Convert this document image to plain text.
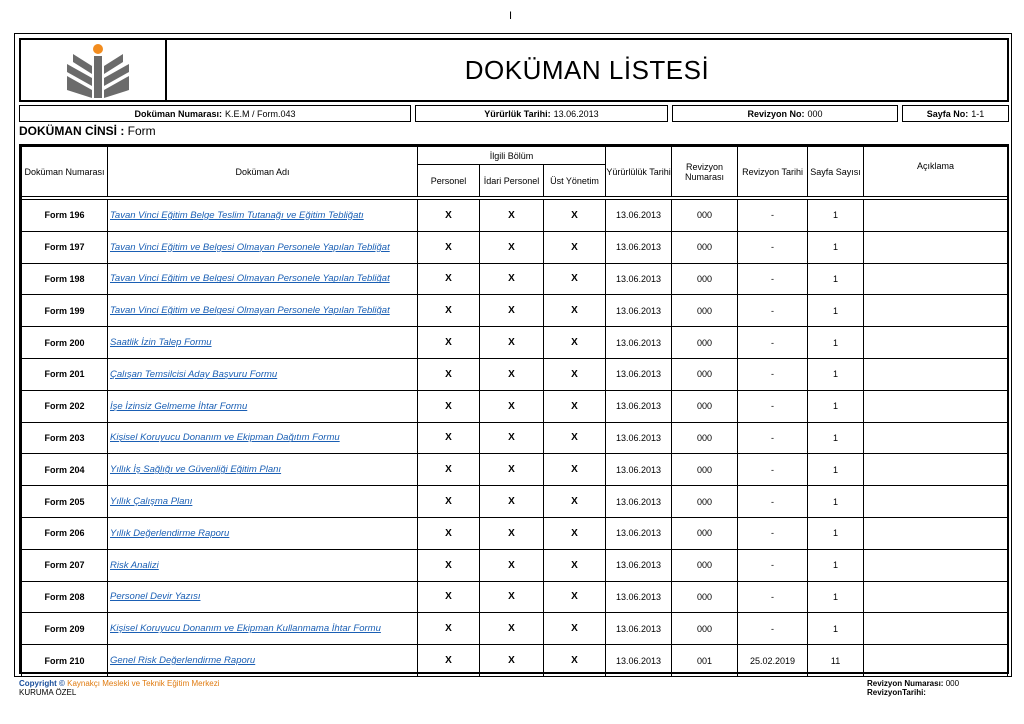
I
DOKÜMAN LİSTESİ
Doküman Numarası: K.E.M / Form.043	Yürürlük Tarihi: 13.06.2013	Revizyon No: 000	Sayfa No: 1-1
DOKÜMAN CİNSİ : Form
Doküman Numarası	Doküman Adı	İlgili Bölüm			Yürürlülük Tarihi	Revizyon Numarası	Revizyon Tarihi	Sayfa Sayısı	Açıklama
		Personel	İdari Personel	Üst Yönetim					

Form 196	Tavan Vinci Eğitim Belge Teslim Tutanağı ve Eğitim Tebliğatı	X	X	X	13.06.2013	000	-	1	
Form 197	Tavan Vinci Eğitim ve Belgesi Olmayan Personele Yapılan Tebliğat	X	X	X	13.06.2013	000	-	1	
Form 198	Tavan Vinci Eğitim ve Belgesi Olmayan Personele Yapılan Tebliğat	X	X	X	13.06.2013	000	-	1	
Form 199	Tavan Vinci Eğitim ve Belgesi Olmayan Personele Yapılan Tebliğat	X	X	X	13.06.2013	000	-	1	
Form 200	Saatlik İzin Talep Formu	X	X	X	13.06.2013	000	-	1	
Form 201	Çalışan Temsilcisi Aday Başvuru Formu	X	X	X	13.06.2013	000	-	1	
Form 202	İşe İzinsiz Gelmeme İhtar Formu	X	X	X	13.06.2013	000	-	1	
Form 203	Kişisel Koruyucu Donanım ve Ekipman Dağıtım Formu	X	X	X	13.06.2013	000	-	1	
Form 204	Yıllık İş Sağlığı ve Güvenliği Eğitim Planı	X	X	X	13.06.2013	000	-	1	
Form 205	Yıllık Çalışma Planı	X	X	X	13.06.2013	000	-	1	
Form 206	Yıllık Değerlendirme Raporu	X	X	X	13.06.2013	000	-	1	
Form 207	Risk Analizi	X	X	X	13.06.2013	000	-	1	
Form 208	Personel Devir Yazısı	X	X	X	13.06.2013	000	-	1	
Form 209	Kişisel Koruyucu Donanım ve Ekipman Kullanmama İhtar Formu	X	X	X	13.06.2013	000	-	1	
Form 210	Genel Risk Değerlendirme Raporu	X	X	X	13.06.2013	001	25.02.2019	11	
Copyright © Kaynakçı Mesleki ve Teknik Eğitim Merkezi
KURUMA ÖZEL
Revizyon Numarası: 000
RevizyonTarihi:
